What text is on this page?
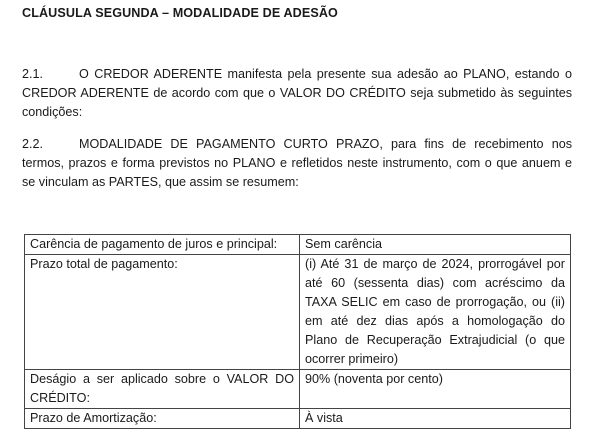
CLÁUSULA SEGUNDA – MODALIDADE DE ADESÃO
2.1.	O CREDOR ADERENTE manifesta pela presente sua adesão ao PLANO, estando o CREDOR ADERENTE de acordo com que o VALOR DO CRÉDITO seja submetido às seguintes condições:
2.2.	MODALIDADE DE PAGAMENTO CURTO PRAZO, para fins de recebimento nos termos, prazos e forma previstos no PLANO e refletidos neste instrumento, com o que anuem e se vinculam as PARTES, que assim se resumem:
Carência de pagamento de juros e principal:	Sem carência
Prazo total de pagamento:	(i) Até 31 de março de 2024, prorrogável por até 60 (sessenta dias) com acréscimo da TAXA SELIC em caso de prorrogação, ou (ii) em até dez dias após a homologação do Plano de Recuperação Extrajudicial (o que ocorrer primeiro)
Deságio a ser aplicado sobre o VALOR DO CRÉDITO:	90% (noventa por cento)
Prazo de Amortização:	À vista
